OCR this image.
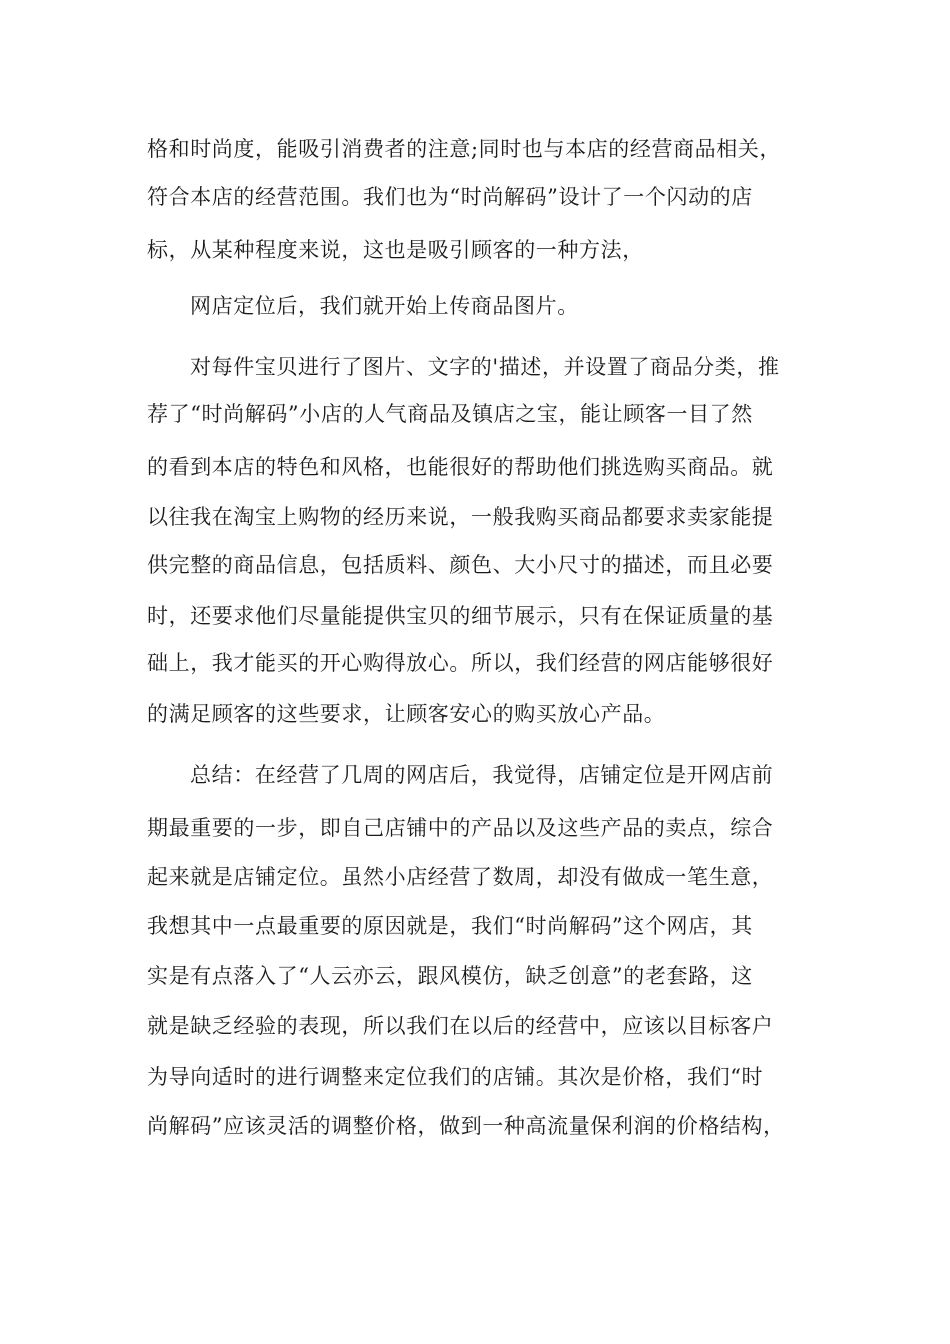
格和时尚度，能吸引消费者的注意;同时也与本店的经营商品相关，
符合本店的经营范围。我们也为“时尚解码”设计了一个闪动的店
标，从某种程度来说，这也是吸引顾客的一种方法，
网店定位后，我们就开始上传商品图片。
对每件宝贝进行了图片、文字的'描述，并设置了商品分类，推
荐了“时尚解码”小店的人气商品及镇店之宝，能让顾客一目了然
的看到本店的特色和风格，也能很好的帮助他们挑选购买商品。就
以往我在淘宝上购物的经历来说，一般我购买商品都要求卖家能提
供完整的商品信息，包括质料、颜色、大小尺寸的描述，而且必要
时，还要求他们尽量能提供宝贝的细节展示，只有在保证质量的基
础上，我才能买的开心购得放心。所以，我们经营的网店能够很好
的满足顾客的这些要求，让顾客安心的购买放心产品。
总结：在经营了几周的网店后，我觉得，店铺定位是开网店前
期最重要的一步，即自己店铺中的产品以及这些产品的卖点，综合
起来就是店铺定位。虽然小店经营了数周，却没有做成一笔生意，
我想其中一点最重要的原因就是，我们“时尚解码”这个网店，其
实是有点落入了“人云亦云，跟风模仿，缺乏创意”的老套路，这
就是缺乏经验的表现，所以我们在以后的经营中，应该以目标客户
为导向适时的进行调整来定位我们的店铺。其次是价格，我们“时
尚解码”应该灵活的调整价格，做到一种高流量保利润的价格结构，
